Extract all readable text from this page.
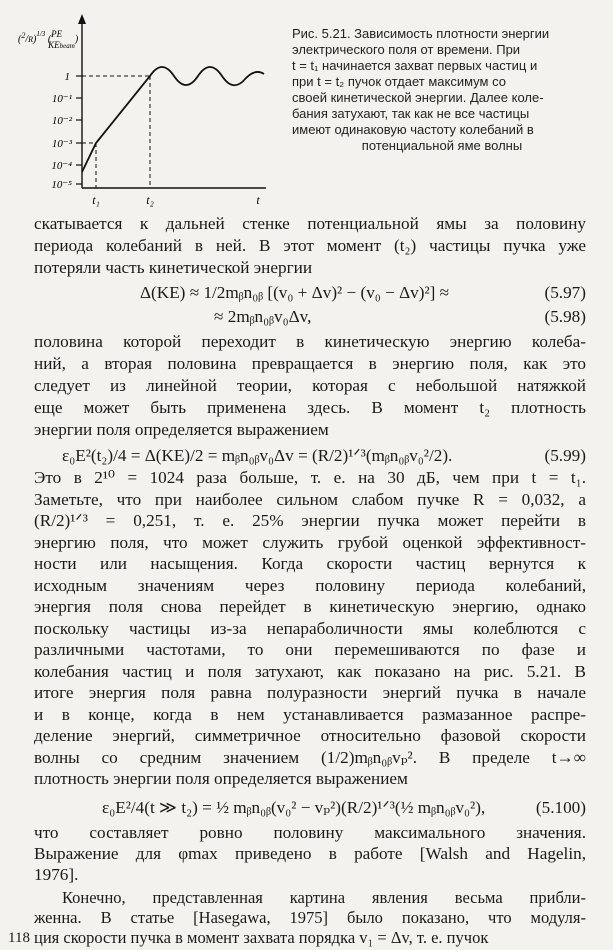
$(^2/R)^{1/3}$ (PE KEbeam)
1
10⁻¹
10⁻²
10⁻³
10⁻⁴
10⁻⁵
t₁	t₂	t
Рис. 5.21. Зависимость плотности энергии
электрического поля от времени. При
t = t₁ начинается захват первых частиц и
при t = t₂ пучок отдает максимум со
своей кинетической энергии. Далее коле-
бания затухают, так как не все частицы
имеют одинаковую частоту колебаний в
потенциальной яме волны
скатывается к дальней стенке потенциальной ямы за половину
периода колебаний в ней. В этот момент (t₂) частицы пучка уже
потеряли часть кинетической энергии
Δ(KE) ≈ 1/2mᵦn₀ᵦ [(v₀ + Δv)² − (v₀ − Δv)²] ≈	(5.97)
≈ 2mᵦn₀ᵦv₀Δv,	(5.98)
половина которой переходит в кинетическую энергию колеба-
ний, а вторая половина превращается в энергию поля, как это
следует из линейной теории, которая с небольшой натяжкой
еще может быть применена здесь. В момент t₂ плотность
энергии поля определяется выражением
ε₀E²(t₂)/4 = Δ(KE)/2 = mᵦn₀ᵦv₀Δv = (R/2)¹ᐟ³(mᵦn₀ᵦv₀²/2).	(5.99)
Это в 2¹⁰ = 1024 раза больше, т. е. на 30 дБ, чем при t = t₁.
Заметьте, что при наиболее сильном слабом пучке R = 0,032, а
(R/2)¹ᐟ³ = 0,251, т. е. 25% энергии пучка может перейти в
энергию поля, что может служить грубой оценкой эффективност-
ности или насыщения. Когда скорости частиц вернутся к
исходным значениям через половину периода колебаний,
энергия поля снова перейдет в кинетическую энергию, однако
поскольку частицы из-за непараболичности ямы колеблются с
различными частотами, то они перемешиваются по фазе и
колебания частиц и поля затухают, как показано на рис. 5.21. В
итоге энергия поля равна полуразности энергий пучка в начале
и в конце, когда в нем устанавливается размазанное распре-
деление энергий, симметричное относительно фазовой скорости
волны со средним значением (1/2)mᵦn₀ᵦvₚ². В пределе t→∞
плотность энергии поля определяется выражением
ε₀E²/4(t ≫ t₂) = ½ mᵦn₀ᵦ(v₀² − vₚ²)(R/2)¹ᐟ³(½ mᵦn₀ᵦv₀²),	(5.100)
что составляет ровно половину максимального значения.
Выражение для φmax приведено в работе [Walsh and Hagelin,
1976].
118
Конечно, представленная картина явления весьма прибли-
женна. В статье [Hasegawa, 1975] было показано, что модуля-
ция скорости пучка в момент захвата порядка v₁ = Δv, т. е. пучок
